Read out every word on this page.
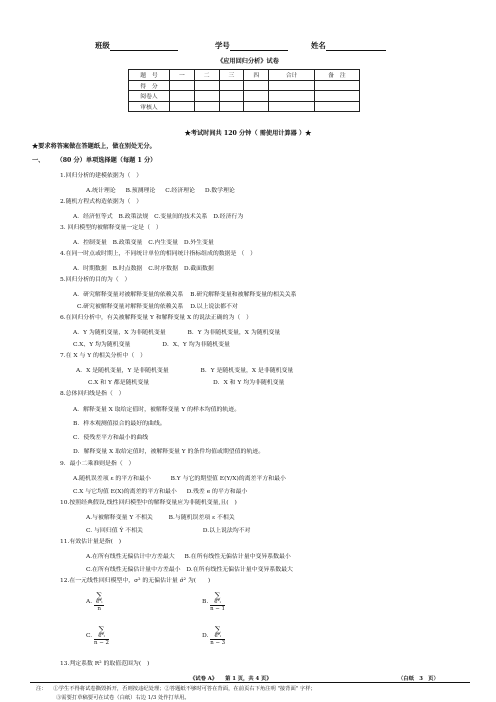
班级	学号	姓名
《应用回归分析》试卷
题　号	一	二	三	四	合计	备　注
得　分						
阅卷人						
审核人						
★考试时间共 120 分钟（ 需使用计算器 ）★
★要求将答案做在答题纸上，做在别处无分。
一、 （80 分）单项选择题（每题 1 分）
1.回归分析的建模依据为（　）
A.统计理论 B.预测理论 C.经济理论 D.数学理论
2.随机方程式构造依据为（　）
A．经济恒等式 B.政策法规 C.变量间的技术关系 D.经济行为
3. 回归模型的被解释变量一定是（　）
A．控制变量 B.政策变量 C.内生变量 D.外生变量
4.在同一时点或时期上，不同统计单位的相同统计指标组成的数据是 （　）
A．时期数据 B.时点数据 C.时序数据 D.截面数据
5.回归分析的目的为（　）
A．研究解释变量对被解释变量的依赖关系 B.研究解释变量和被解释变量的相关关系
C.研究被解释变量对解释变量的依赖关系 D.以上说法都不对
6.在回归分析中，有关被解释变量 Y 和解释变量 X 的说法正确的为（　）
A．Y 为随机变量，X 为非随机变量	B．Y 为非随机变量，X 为随机变量
C.X、Y 均为随机变量	D．X、Y 均为非随机变量
7.在 X 与 Y 的相关分析中（　）
A．X 是随机变量，Y 是非随机变量	B．Y 是随机变量，X 是非随机变量
C.X 和 Y 都是随机变量	D．X 和 Y 均为非随机变量
8.总体回归线是指（　）
A．解释变量 X 取给定值时，被解释变量 Y 的样本均值的轨迹。
B．样本观测值拟合的最好的曲线。
C．使残差平方和最小的曲线
D．解释变量 X 取给定值时，被解释变量 Y 的条件均值或期望值的轨迹。
9．最小二乘准则是指（　）
A.随机误差项 ε 的平方和最小	B.Y 与它的期望值 E(Y/X)的离差平方和最小
C.X 与它均值 E(X)的离差的平方和最小 D.残差 e 的平方和最小
10.按照经典假设,线性回归模型中的解释变量应为非随机变量,且(　)
A.与被解释变量 Y 不相关	B.与随机误差项 ε 不相关
C. 与回归值 Ŷ 不相关	D.以上说法均不对
11.有效估计量是指(　)
A.在所有线性无偏估计中方差最大 B.在所有线性无偏估计量中变异系数最小
C.在所有线性无偏估计量中方差最小 D.在所有线性无偏估计量中变异系数最大
12.在一元线性回归模型中，σ² 的无偏估计量 σ̂² 为(　　)
A. ∑
e²ᵢ
n	B. ∑
e²ᵢ
n − 1
C. ∑
e²ᵢ
n − 2	D. ∑
e²ᵢ
n − 3
13.判定系数 R² 的取值范围为(　)
《试卷 A》　　第 1 页，共 4 页》	（白纸　3　页）
注： ①学生不得将试卷撕毁拆开，否则按违纪处理；②答题纸不够时可答在背面，在前页右下角注明 "接背面" 字样；
③需要打草稿要可在试卷（白纸）右边 1/3 处作打草用。
